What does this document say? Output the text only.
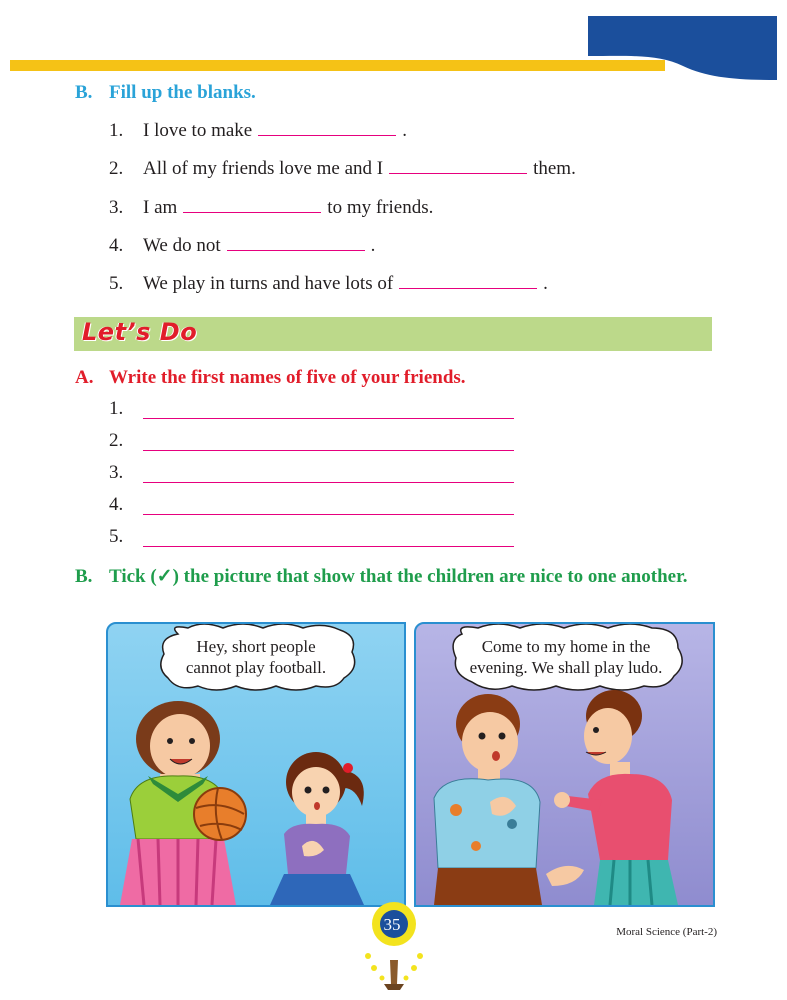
B. Fill up the blanks.
1. I love to make	.
2. All of my friends love me and I	them.
3. I am	to my friends.
4. We do not	.
5. We play in turns and have lots of	.
Let’s Do
A. Write the first names of five of your friends.
1.
2.
3.
4.
5.
B. Tick (✓) the picture that show that the children are nice to one another.
Hey, short people
cannot play football.
Come to my home in the
evening. We shall play ludo.
35	Moral Science (Part-2)
